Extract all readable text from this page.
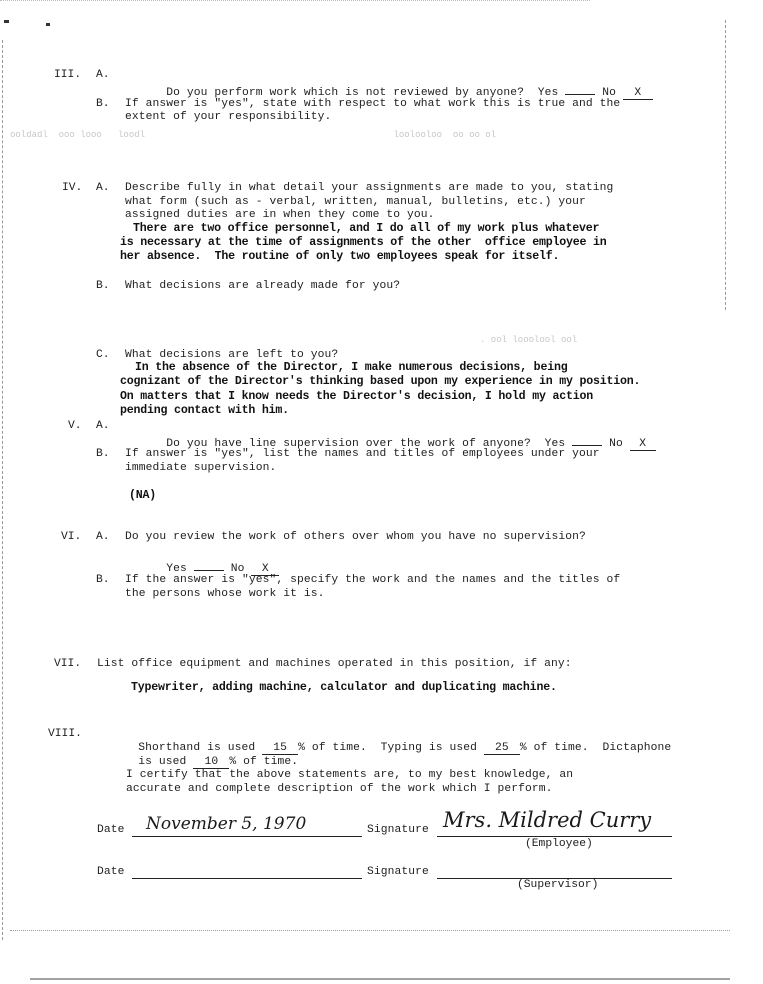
III. A.

Do you perform work which is not reviewed by anyone? Yes	No X

B. If answer is "yes", state with respect to what work this is true and the
extent of your responsibility.
ooldadl  ooo looo   loodl                                              loolooloo  oo oo ol
IV. A. Describe fully in what detail your assignments are made to you, stating
what form (such as - verbal, written, manual, bulletins, etc.) your
assigned duties are in when they come to you.
There are two office personnel, and I do all of my work plus whatever
is necessary at the time of assignments of the other  office employee in
her absence.  The routine of only two employees speak for itself.
B. What decisions are already made for you?
. ool looolool ool
C. What decisions are left to you?
In the absence of the Director, I make numerous decisions, being
cognizant of the Director's thinking based upon my experience in my position.
On matters that I know needs the Director's decision, I hold my action
pending contact with him.
V. A.

Do you have line supervision over the work of anyone? Yes	No X

B. If answer is "yes", list the names and titles of employees under your
immediate supervision.
(NA)
VI. A. Do you review the work of others over whom you have no supervision?

Yes	No X

B. If the answer is "yes", specify the work and the names and the titles of
the persons whose work it is.
VII. List office equipment and machines operated in this position, if any:
Typewriter, adding machine, calculator and duplicating machine.
VIII.

Shorthand is used 15 % of time.  Typing is used 25 % of time.  Dictaphone

is used 10 % of time.

I certify that the above statements are, to my best knowledge, an
accurate and complete description of the work which I perform.
Date November 5, 1970	Signature Mrs. Mildred Curry
(Employee)
Date	Signature
(Supervisor)
